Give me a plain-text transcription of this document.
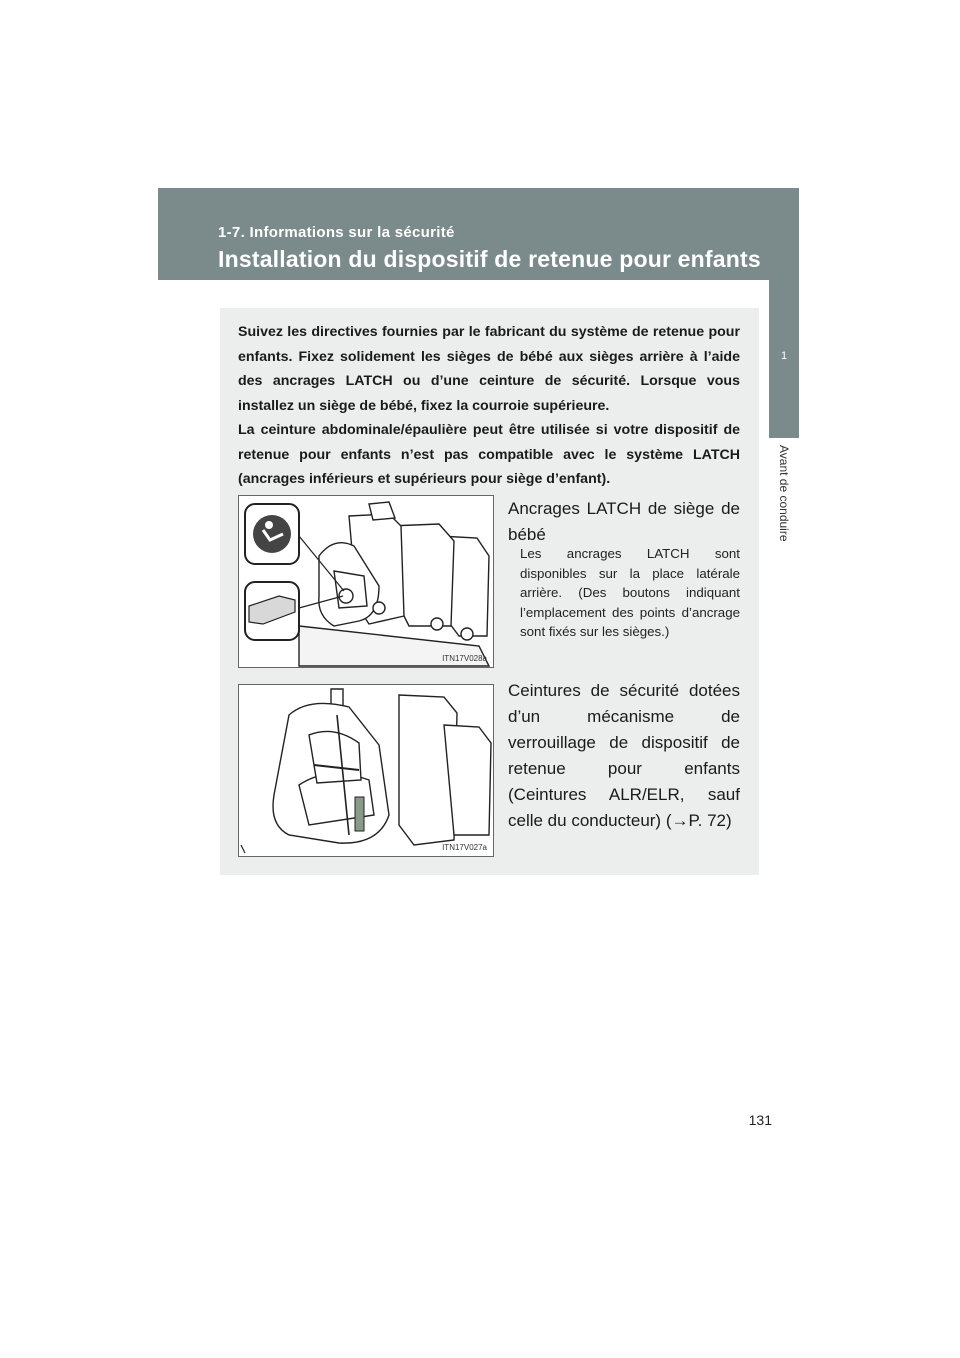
1-7. Informations sur la sécurité
Installation du dispositif de retenue pour enfants
1
Avant de conduire

Suivez les directives fournies par le fabricant du système de retenue pour enfants. Fixez solidement les sièges de bébé aux sièges arrière à l’aide des ancrages LATCH ou d’une ceinture de sécurité. Lorsque vous installez un siège de bébé, fixez la courroie supérieure.

La ceinture abdominale/épaulière peut être utilisée si votre dispositif de retenue pour enfants n’est pas compatible avec le système LATCH (ancrages inférieurs et supérieurs pour siège d’enfant).

ITN17V028a
Ancrages LATCH de siège de bébé
Les ancrages LATCH sont disponibles sur la place latérale arrière. (Des boutons indiquant l’emplacement des points d’ancrage sont fixés sur les sièges.)
ITN17V027a
Ceintures de sécurité dotées d’un mécanisme de verrouillage de dispositif de retenue pour enfants (Ceintures ALR/ELR, sauf celle du conducteur) (→P. 72)
131
